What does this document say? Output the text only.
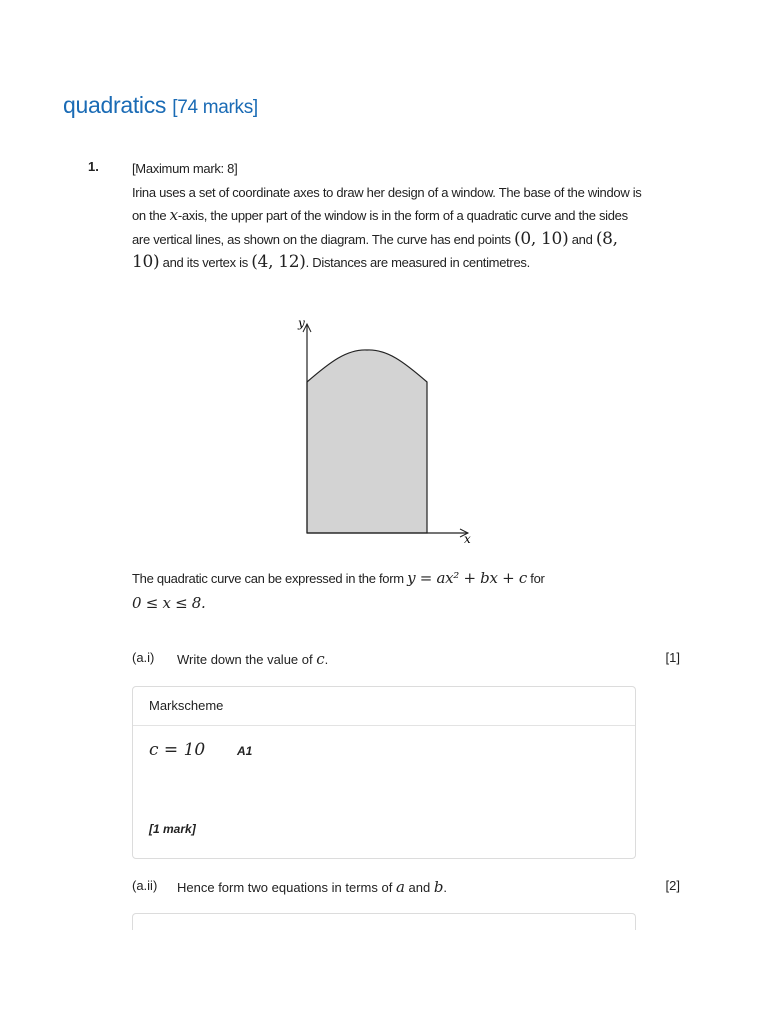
quadratics [74 marks]
1.	[Maximum mark: 8]
Irina uses a set of coordinate axes to draw her design of a window. The base of the window is on the x-axis, the upper part of the window is in the form of a quadratic curve and the sides are vertical lines, as shown on the diagram. The curve has end points (0, 10) and (8, 10) and its vertex is (4, 12). Distances are measured in centimetres.
y
x
The quadratic curve can be expressed in the form y = ax² + bx + c for
0 ≤ x ≤ 8.
(a.i) Write down the value of c.	[1]
Markscheme
c = 10	A1
[1 mark]
(a.ii) Hence form two equations in terms of a and b.	[2]
